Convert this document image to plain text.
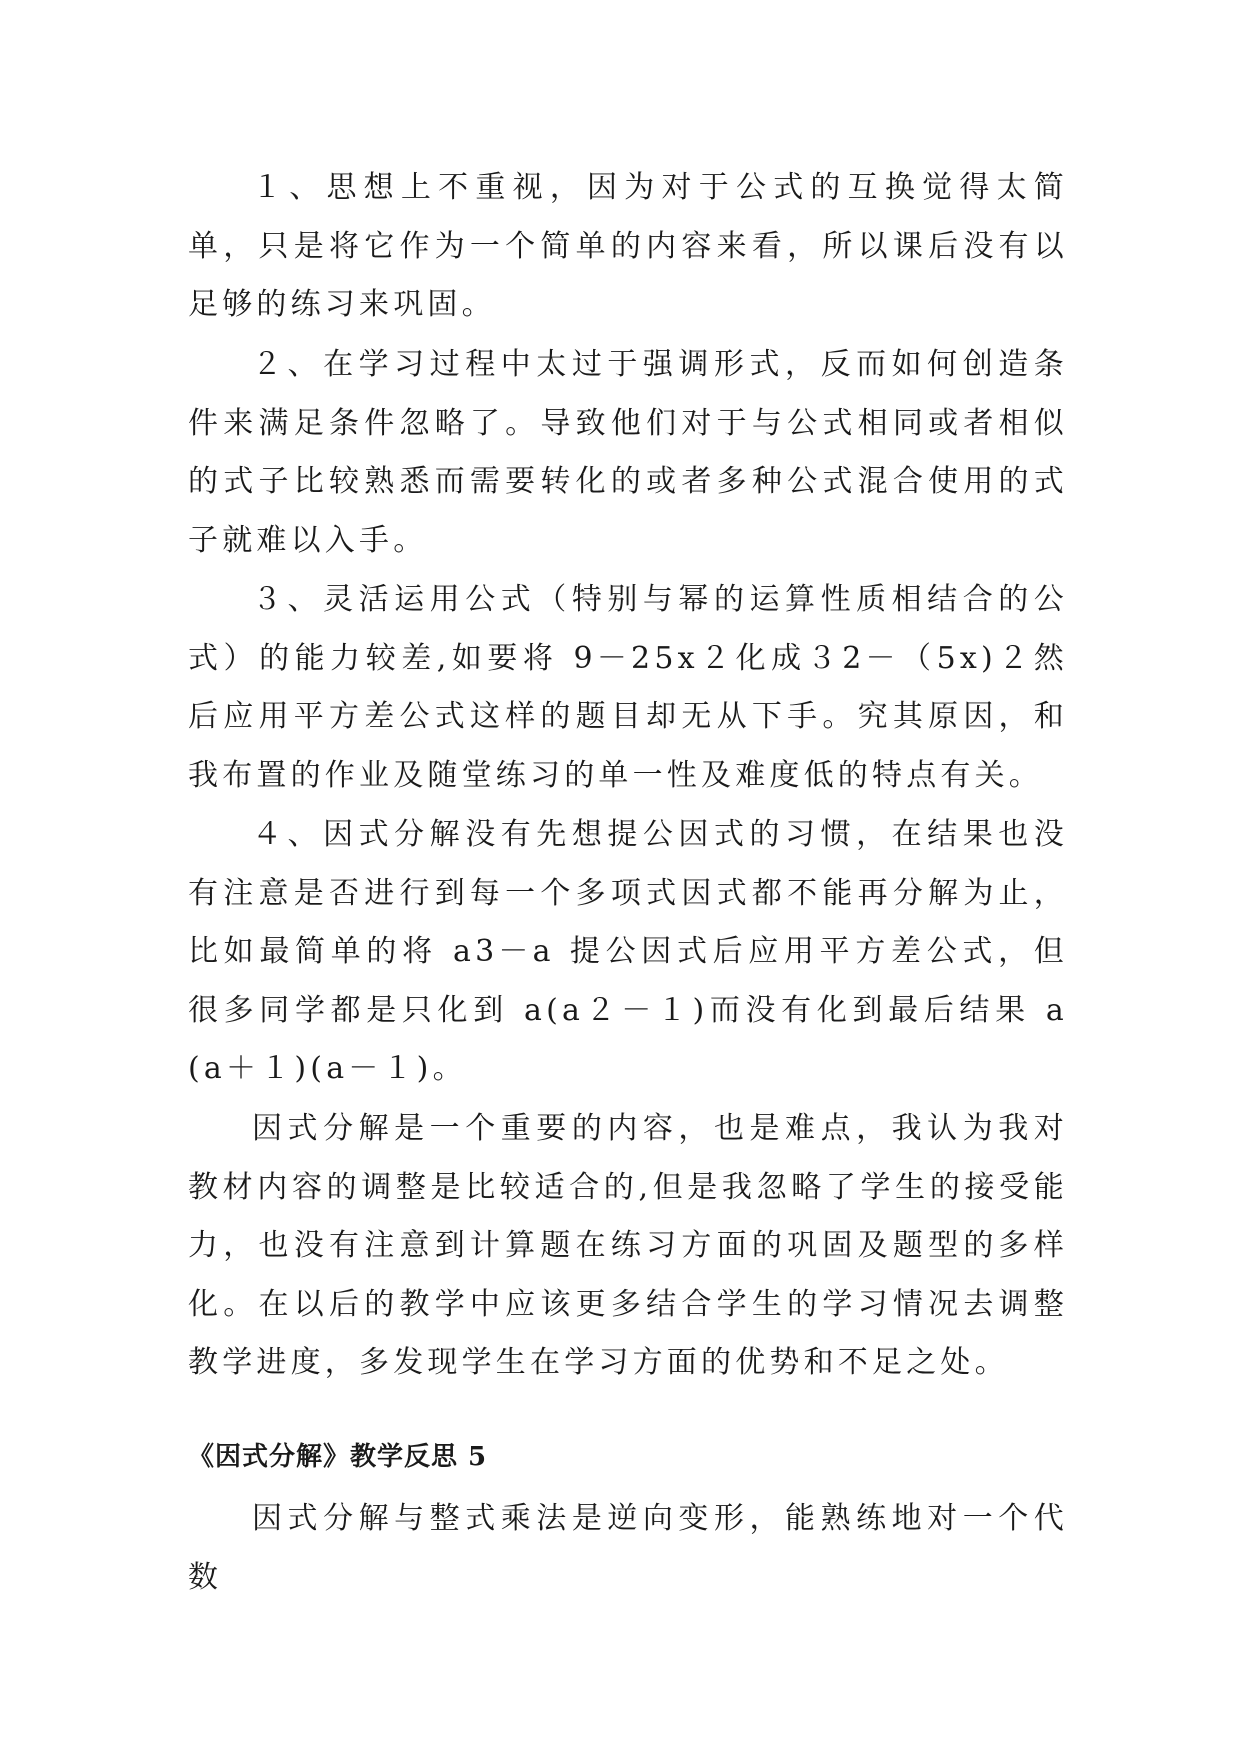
１、思想上不重视，因为对于公式的互换觉得太简单，只是将它作为一个简单的内容来看，所以课后没有以足够的练习来巩固。

２、在学习过程中太过于强调形式，反而如何创造条件来满足条件忽略了。导致他们对于与公式相同或者相似的式子比较熟悉而需要转化的或者多种公式混合使用的式子就难以入手。

３、灵活运用公式（特别与幂的运算性质相结合的公式）的能力较差,如要将 9－25x２化成３2－（5x)２然后应用平方差公式这样的题目却无从下手。究其原因，和我布置的作业及随堂练习的单一性及难度低的特点有关。

４、因式分解没有先想提公因式的习惯，在结果也没有注意是否进行到每一个多项式因式都不能再分解为止，比如最简单的将 a3－a 提公因式后应用平方差公式，但很多同学都是只化到 a(a２－１)而没有化到最后结果 a(a＋１)(a－１)。

因式分解是一个重要的内容，也是难点，我认为我对教材内容的调整是比较适合的,但是我忽略了学生的接受能力，也没有注意到计算题在练习方面的巩固及题型的多样化。在以后的教学中应该更多结合学生的学习情况去调整教学进度，多发现学生在学习方面的优势和不足之处。

《因式分解》教学反思 5

因式分解与整式乘法是逆向变形，能熟练地对一个代数
